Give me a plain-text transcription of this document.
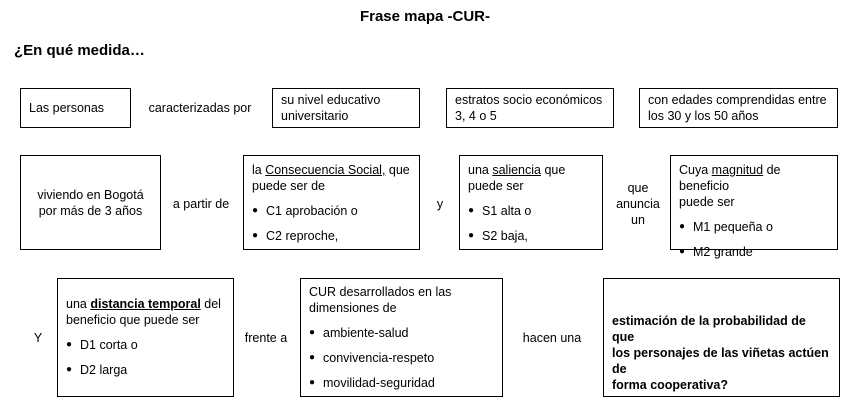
Frase mapa -CUR-
¿En qué medida…
Las personas	caracterizadas por
su nivel educativo
universitario
estratos socio económicos
3, 4 o 5
con edades comprendidas entre
los 30 y los 50 años
viviendo en Bogotá
por más de 3 años	a partir de
la Consecuencia Social, que
puede ser de
● C1 aprobación o
● C2 reproche,
y
una saliencia que
puede ser
● S1 alta o
● S2 baja,
que
anuncia
un
Cuya magnitud de beneficio
puede ser
● M1 pequeña o
● M2 grande
Y
una distancia temporal del
beneficio que puede ser
● D1 corta o
● D2 larga
frente a
CUR desarrollados en las
dimensiones de
● ambiente-salud
● convivencia-respeto
● movilidad-seguridad
hacen una
estimación de la probabilidad de que
los personajes de las viñetas actúen de
forma cooperativa?
